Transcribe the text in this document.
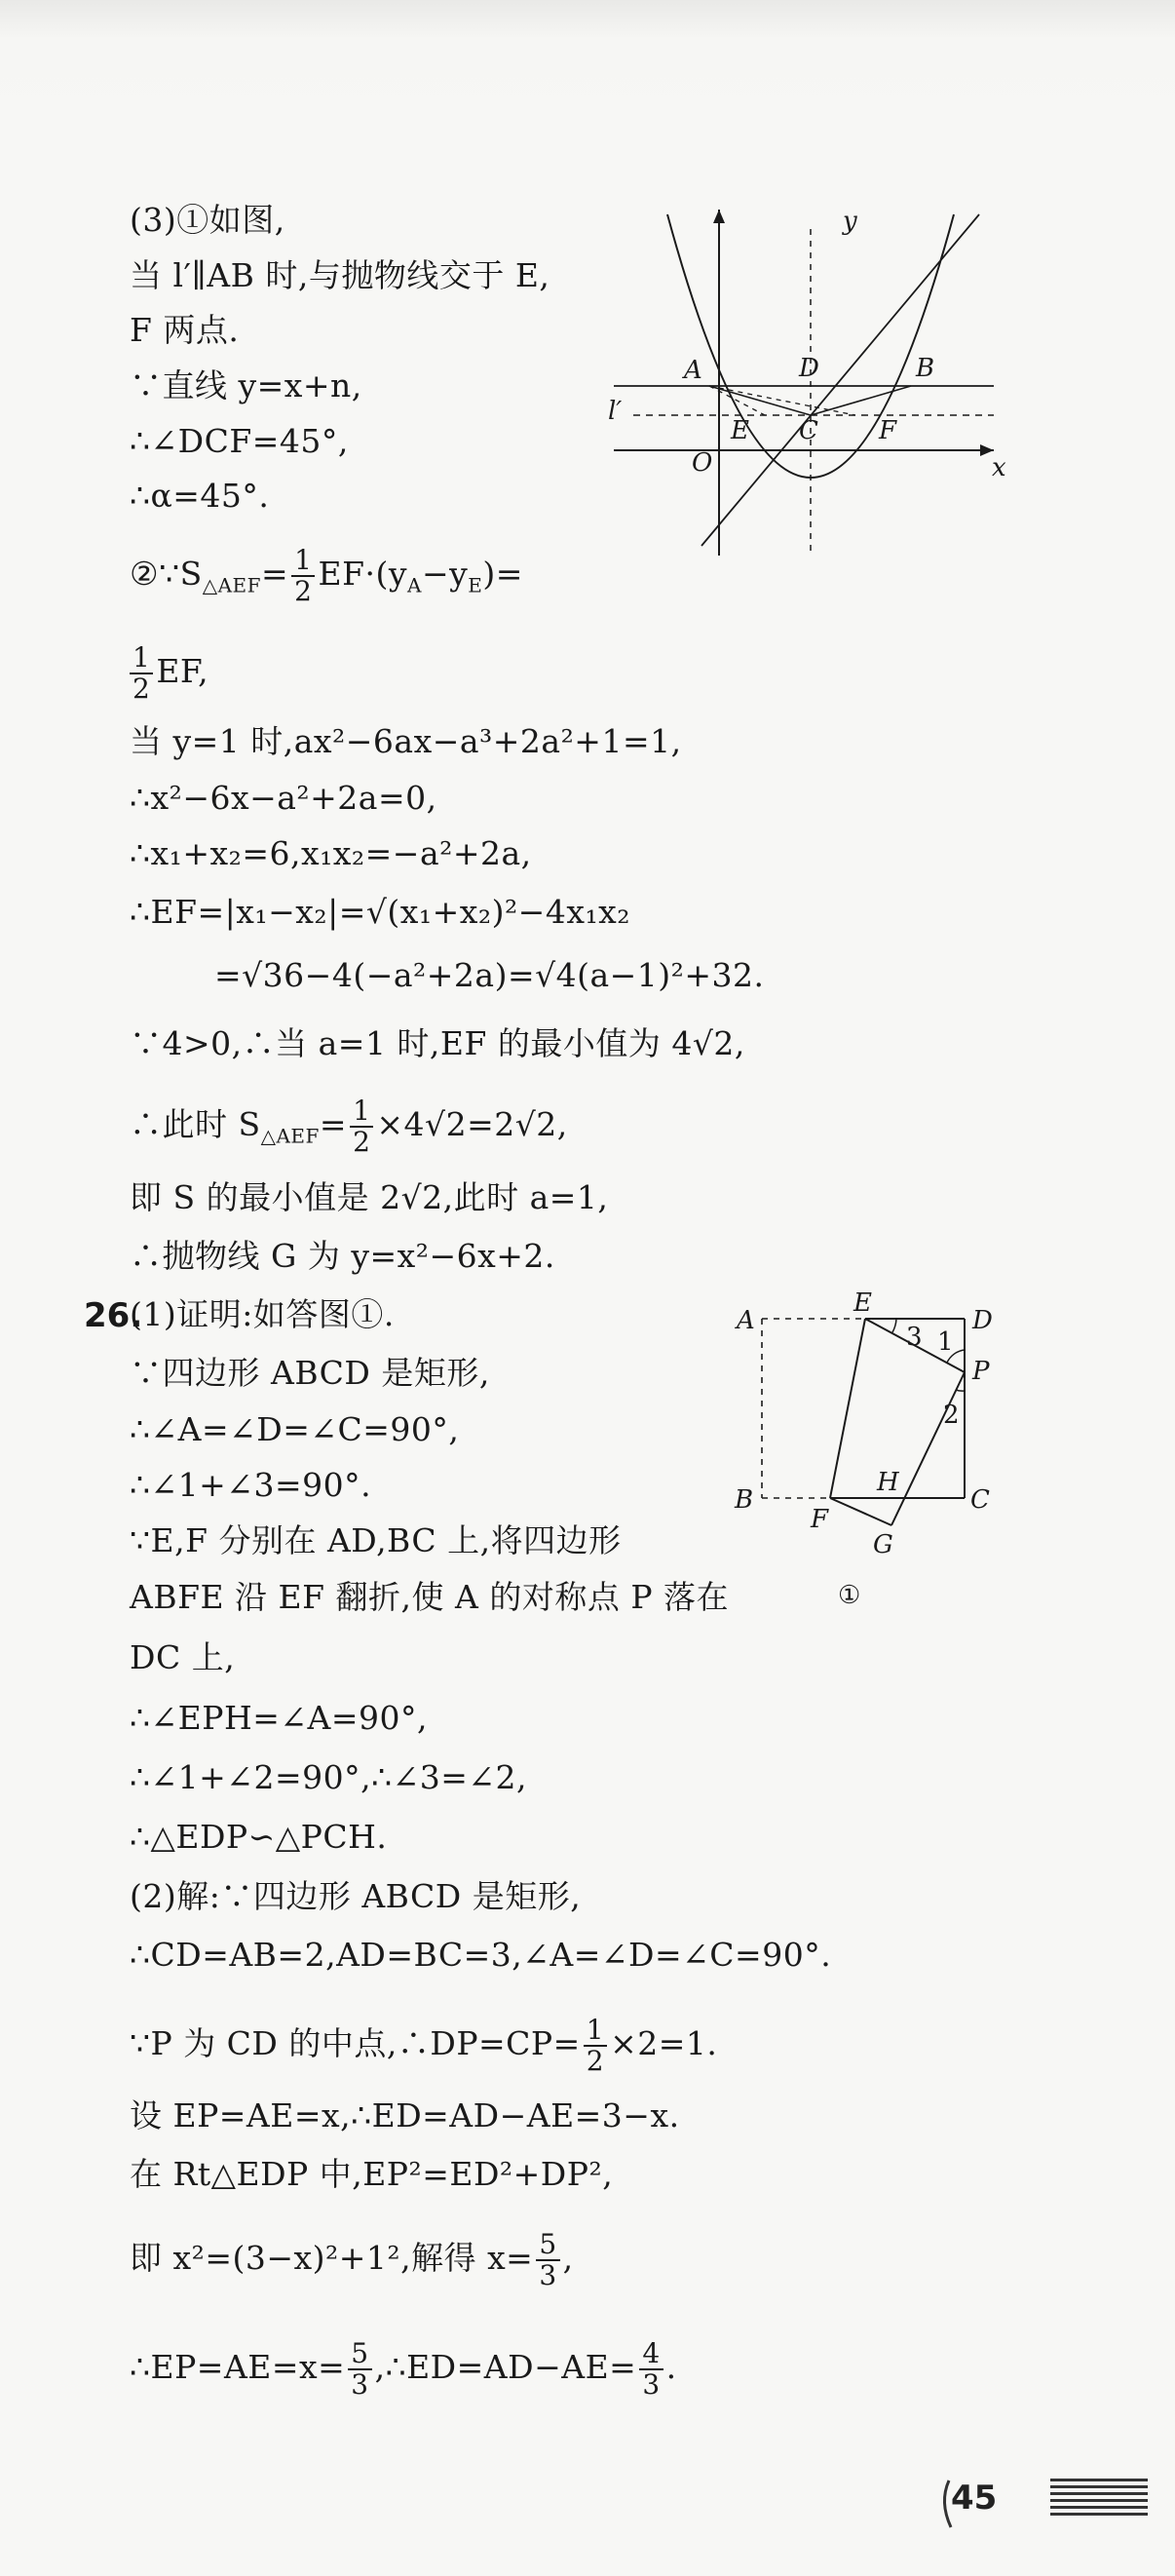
(3)①如图,
当 l′∥AB 时,与抛物线交于 E,
F 两点.
∵直线 y=x+n,
∴∠DCF=45°,
∴α=45°.
$②\because S_{\triangle AEF}= \frac{1}{2} EF\cdot(y_A-y_E)=$
$\frac{1}{2}$ EF,
当 y=1 时,ax²−6ax−a³+2a²+1=1,
∴x²−6x−a²+2a=0,
∴x₁+x₂=6,x₁x₂=−a²+2a,
∴EF=|x₁−x₂|=√(x₁+x₂)²−4x₁x₂
=√36−4(−a²+2a)=√4(a−1)²+32.
∵4>0,∴当 a=1 时,EF 的最小值为 4√2,
∴此时 $S_{\triangle AEF}= \frac{1}{2} \times 4√2=2√2$,
即 S 的最小值是 2√2,此时 a=1,
∴抛物线 G 为 y=x²−6x+2.
26.
(1)证明:如答图①.
∵四边形 ABCD 是矩形,
∴∠A=∠D=∠C=90°,
∴∠1+∠3=90°.
∵E,F 分别在 AD,BC 上,将四边形
ABFE 沿 EF 翻折,使 A 的对称点 P 落在
DC 上,
∴∠EPH=∠A=90°,
∴∠1+∠2=90°,∴∠3=∠2,
∴△EDP∽△PCH.
(2)解:∵四边形 ABCD 是矩形,
∴CD=AB=2,AD=BC=3,∠A=∠D=∠C=90°.
∵P 为 CD 的中点,∴DP=CP= $\frac{1}{2} \times 2=1$.
设 EP=AE=x,∴ED=AD−AE=3−x.
在 Rt△EDP 中,EP²=ED²+DP²,
即 x²=(3−x)²+1²,解得 $x= \frac{5}{3}$ ,
∴EP=AE=x= $\frac{5}{3}$ ,∴ED=AD−AE= $\frac{4}{3}$ .
y
x
A	B
D
C
E	F
O
l′
A
B	C
D
E
F
G
H
P
1
2
3
①
45
